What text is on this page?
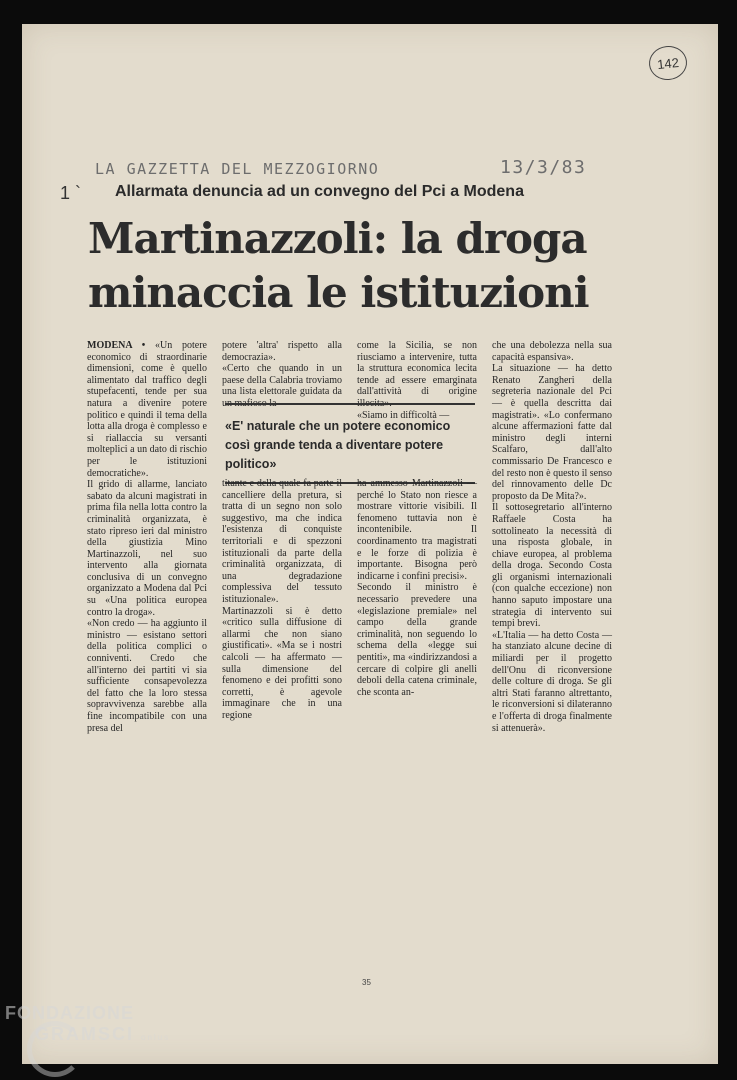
142
LA GAZZETTA DEL MEZZOGIORNO	13/3/83
1 ` Allarmata denuncia ad un convegno del Pci a Modena
Martinazzoli: la droga
minaccia le istituzioni
MODENA • «Un potere economico di straordinarie dimensioni, come è quello alimentato dal traffico degli stupefacenti, tende per sua natura a divenire potere politico e quindi il tema della lotta alla droga è complesso e si riallaccia su versanti molteplici a un dato di rischio per le istituzioni democratiche».
Il grido di allarme, lanciato sabato da alcuni magistrati in prima fila nella lotta contro la criminalità organizzata, è stato ripreso ieri dal ministro della giustizia Mino Martinazzoli, nel suo intervento alla giornata conclusiva di un convegno organizzato a Modena dal Pci su «Una politica europea contro la droga».
«Non credo — ha aggiunto il ministro — esistano settori della politica complici o conniventi. Credo che all'interno dei partiti vi sia sufficiente consapevolezza del fatto che la loro stessa sopravvivenza sarebbe alla fine incompatibile con una presa del
potere 'altra' rispetto alla democrazia».
«Certo che quando in un paese della Calabria troviamo una lista elettorale guidata da un mafioso la-
come la Sicilia, se non riusciamo a intervenire, tutta la struttura economica lecita tende ad essere emarginata dall'attività di origine illecita».
«Siamo in difficoltà —
che una debolezza nella sua capacità espansiva».
La situazione — ha detto Renato Zangheri della segreteria nazionale del Pci — è quella descritta dai magistrati». «Lo confermano alcune affermazioni fatte dal ministro degli interni Scalfaro, dall'alto commissario De Francesco e del resto non è questo il senso del rinnovamento delle Dc proposto da De Mita?».
Il sottosegretario all'interno Raffaele Costa ha sottolineato la necessità di una risposta globale, in chiave europea, al problema della droga. Secondo Costa gli organismi internazionali (con qualche eccezione) non hanno saputo impostare una strategia di intervento sui tempi brevi.
«L'Italia — ha detto Costa — ha stanziato alcune decine di miliardi per il progetto dell'Onu di riconversione delle colture di droga. Se gli altri Stati faranno altrettanto, le riconversioni si dilateranno e l'offerta di droga finalmente si attenuerà».
«E' naturale che un potere economico così grande tenda a diventare potere politico»
titante e della quale fa parte il cancelliere della pretura, si tratta di un segno non solo suggestivo, ma che indica l'esistenza di conquiste territoriali e di spezzoni istituzionali da parte della criminalità organizzata, di una degradazione complessiva del tessuto istituzionale».
Martinazzoli si è detto «critico sulla diffusione di allarmi che non siano giustificati». «Ma se i nostri calcoli — ha affermato — sulla dimensione del fenomeno e dei profitti sono corretti, è agevole immaginare che in una regione
ha ammesso Martinazzoli — perché lo Stato non riesce a mostrare vittorie visibili. Il fenomeno tuttavia non è incontenibile. Il coordinamento tra magistrati e le forze di polizia è importante. Bisogna però indicarne i confini precisi».
Secondo il ministro è necessario prevedere una «legislazione premiale» nel campo della grande criminalità, non seguendo lo schema della «legge sui pentiti», ma «indirizzandosi a cercare di colpire gli anelli deboli della catena criminale, che sconta an-
35
FONDAZIONE
GRAMSCI onlus
